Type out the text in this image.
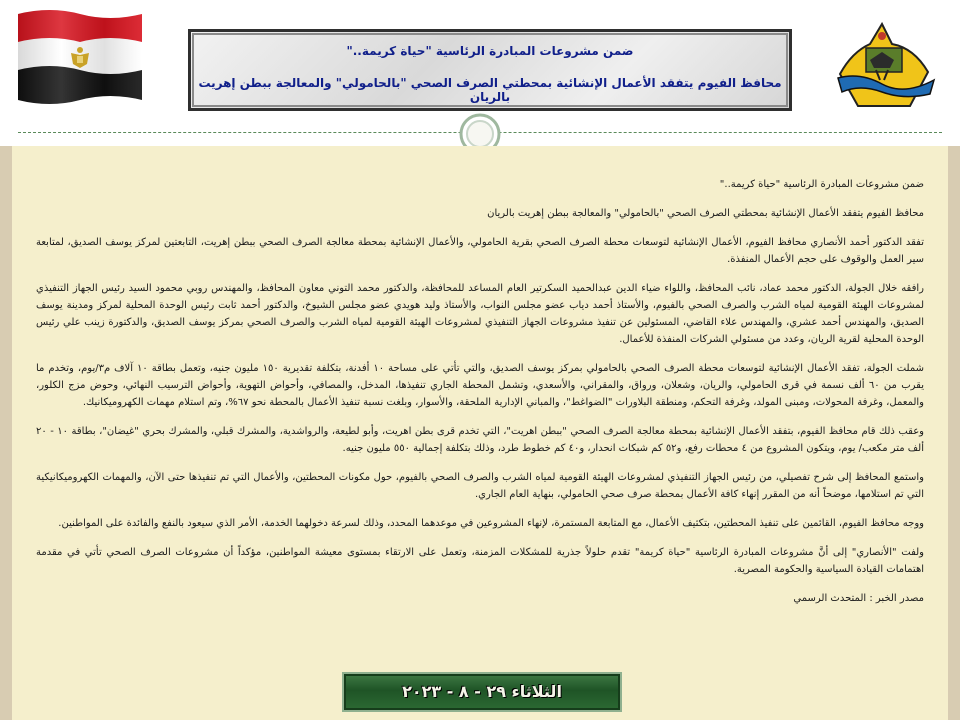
ضمن مشروعات المبادرة الرئاسية "حياة كريمة.."
محافظ الفيوم يتفقد الأعمال الإنشائية بمحطتي الصرف الصحي "بالحامولي" والمعالجة ببطن إهريت بالريان

ضمن مشروعات المبادرة الرئاسية "حياة كريمة.."

محافظ الفيوم يتفقد الأعمال الإنشائية بمحطتي الصرف الصحي "بالحامولي" والمعالجة ببطن إهريت بالريان

تفقد الدكتور أحمد الأنصاري محافظ الفيوم، الأعمال الإنشائية لتوسعات محطة الصرف الصحي بقرية الحامولي، والأعمال الإنشائية بمحطة معالجة الصرف الصحي ببطن إهريت، التابعتين لمركز يوسف الصديق، لمتابعة سير العمل والوقوف على حجم الأعمال المنفذة.

رافقه خلال الجولة، الدكتور محمد عماد، نائب المحافظ، واللواء ضياء الدين عبدالحميد السكرتير العام المساعد للمحافظة، والدكتور محمد التوني معاون المحافظ، والمهندس روبي محمود السيد رئيس الجهاز التنفيذي لمشروعات الهيئة القومية لمياه الشرب والصرف الصحي بالفيوم، والأستاذ أحمد دياب عضو مجلس النواب، والأستاذ وليد هويدي عضو مجلس الشيوخ، والدكتور أحمد ثابت رئيس الوحدة المحلية لمركز ومدينة يوسف الصديق، والمهندس أحمد عشري، والمهندس علاء القاضي، المسئولين عن تنفيذ مشروعات الجهاز التنفيذي لمشروعات الهيئة القومية لمياه الشرب والصرف الصحي بمركز يوسف الصديق، والدكتورة زينب علي رئيس الوحدة المحلية لقرية الريان، وعدد من مسئولي الشركات المنفذة للأعمال.

شملت الجولة، تفقد الأعمال الإنشائية لتوسعات محطة الصرف الصحي بالحامولي بمركز يوسف الصديق، والتي تأتي على مساحة ١٠ أفدنة، بتكلفة تقديرية ١٥٠ مليون جنيه، وتعمل بطاقة ١٠ آلاف م٣/يوم، وتخدم ما يقرب من ٦٠ ألف نسمة في قرى الحامولي، والريان، وشعلان، ورواق، والمقراني، والأسعدي، وتشمل المحطة الجاري تنفيذها، المدخل، والمصافي، وأحواض التهوية، وأحواض الترسيب النهائي، وحوض مزج الكلور، والمعمل، وغرفة المحولات، ومبنى المولد، وغرفة التحكم، ومنطقة البلاورات "الضواغط"، والمباني الإدارية الملحقة، والأسوار، وبلغت نسبة تنفيذ الأعمال بالمحطة نحو ٦٧%، وتم استلام مهمات الكهروميكانيك.

وعقب ذلك قام محافظ الفيوم، بتفقد الأعمال الإنشائية بمحطة معالجة الصرف الصحي "ببطن اهريت"، التي تخدم قرى بطن اهريت، وأبو لطيعة، والرواشدية، والمشرك قبلي، والمشرك بحري "غيضان"، بطاقة ١٠ - ٢٠ ألف متر مكعب/ يوم، ويتكون المشروع من ٤ محطات رفع، و٥٢ كم شبكات انحدار، و٤٠ كم خطوط طرد، وذلك بتكلفة إجمالية ٥٥٠ مليون جنيه.

واستمع المحافظ إلى شرح تفصيلي، من رئيس الجهاز التنفيذي لمشروعات الهيئة القومية لمياه الشرب والصرف الصحي بالفيوم، حول مكونات المحطتين، والأعمال التي تم تنفيذها حتى الآن، والمهمات الكهروميكانيكية التي تم استلامها، موضحاً أنه من المقرر إنهاء كافة الأعمال بمحطة صرف صحي الحامولي، بنهاية العام الجاري.

ووجه محافظ الفيوم، القائمين على تنفيذ المحطتين، بتكثيف الأعمال، مع المتابعة المستمرة، لإنهاء المشروعين في موعدهما المحدد، وذلك لسرعة دخولهما الخدمة، الأمر الذي سيعود بالنفع والفائدة على المواطنين.

ولفت "الأنصاري" إلى أنَّ مشروعات المبادرة الرئاسية "حياة كريمة" تقدم حلولاً جذرية للمشكلات المزمنة، وتعمل على الارتقاء بمستوى معيشة المواطنين، مؤكداً أن مشروعات الصرف الصحي تأتي في مقدمة اهتمامات القيادة السياسية والحكومة المصرية.

مصدر الخبر : المتحدث الرسمي

الثلاثاء ٢٩ - ٨ - ٢٠٢٣
